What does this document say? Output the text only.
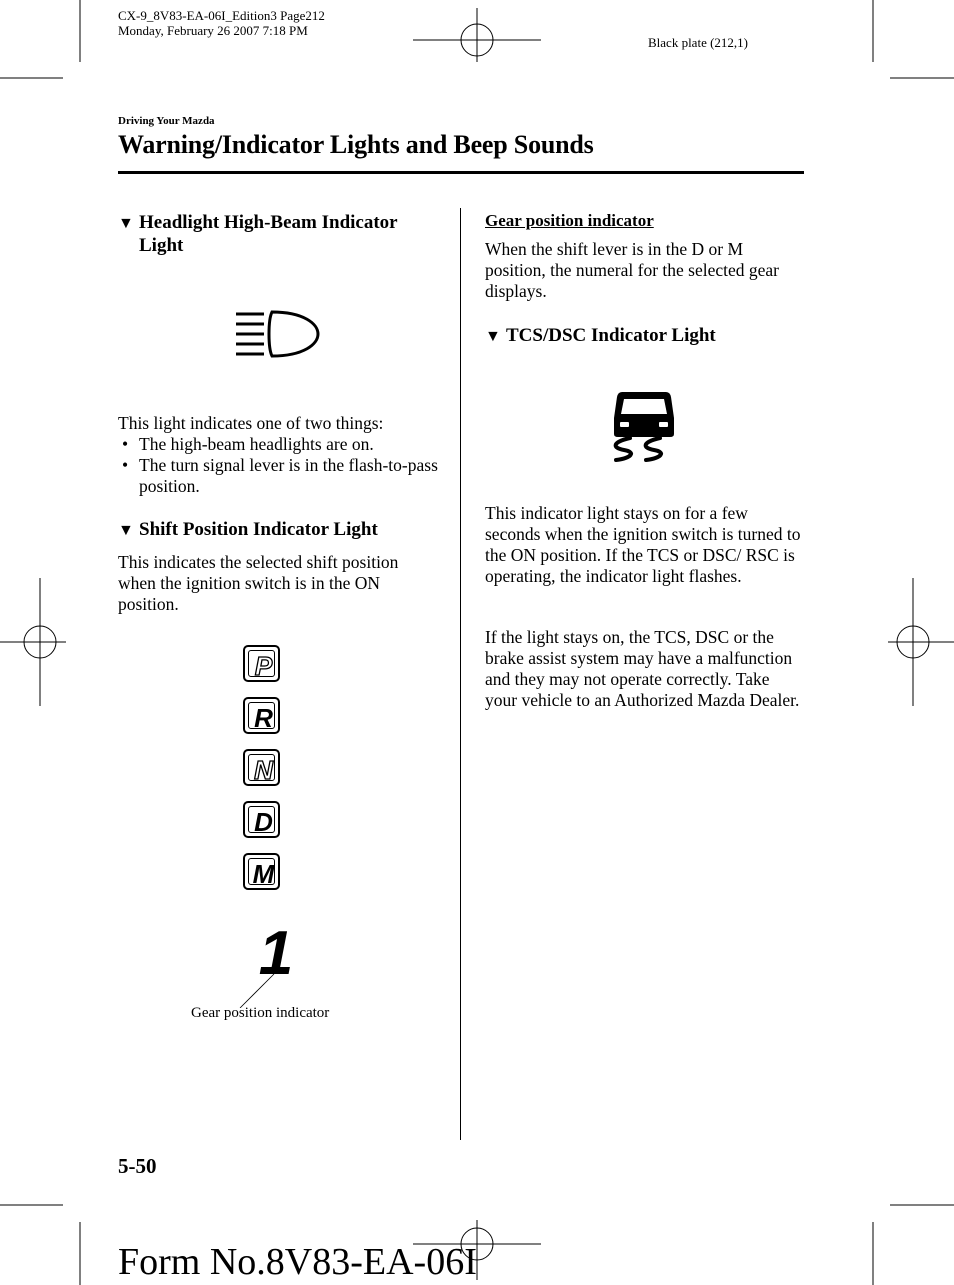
CX-9_8V83-EA-06I_Edition3 Page212
Monday, February 26 2007 7:18 PM
Black plate (212,1)
Driving Your Mazda
Warning/Indicator Lights and Beep Sounds
▼ Headlight High-Beam Indicator
Light
This light indicates one of two things:
• The high-beam headlights are on.
• The turn signal lever is in the flash-to-pass position.
▼ Shift Position Indicator Light
This indicates the selected shift position when the ignition switch is in the ON position.
P
R
N
D
M
1
Gear position indicator
Gear position indicator
When the shift lever is in the D or M position, the numeral for the selected gear displays.
▼ TCS/DSC Indicator Light
This indicator light stays on for a few seconds when the ignition switch is turned to the ON position. If the TCS or DSC/ RSC is operating, the indicator light flashes.
If the light stays on, the TCS, DSC or the brake assist system may have a malfunction and they may not operate correctly. Take your vehicle to an Authorized Mazda Dealer.
5-50
Form No.8V83-EA-06I
